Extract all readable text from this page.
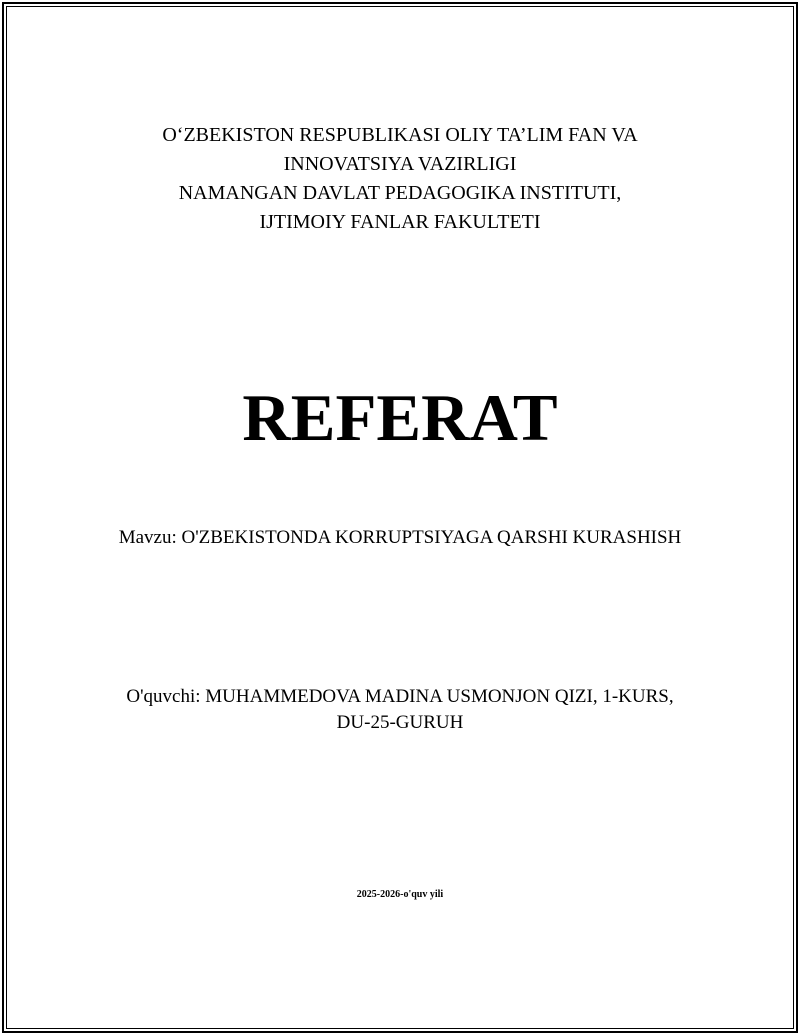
O‘ZBEKISTON RESPUBLIKASI OLIY TA’LIM FAN VA
INNOVATSIYA VAZIRLIGI
NAMANGAN DAVLAT PEDAGOGIKA INSTITUTI,
IJTIMOIY FANLAR FAKULTETI
REFERAT
Mavzu: O'ZBEKISTONDA KORRUPTSIYAGA QARSHI KURASHISH
O'quvchi: MUHAMMEDOVA MADINA USMONJON QIZI, 1-KURS,
DU-25-GURUH
2025-2026-o'quv yili
